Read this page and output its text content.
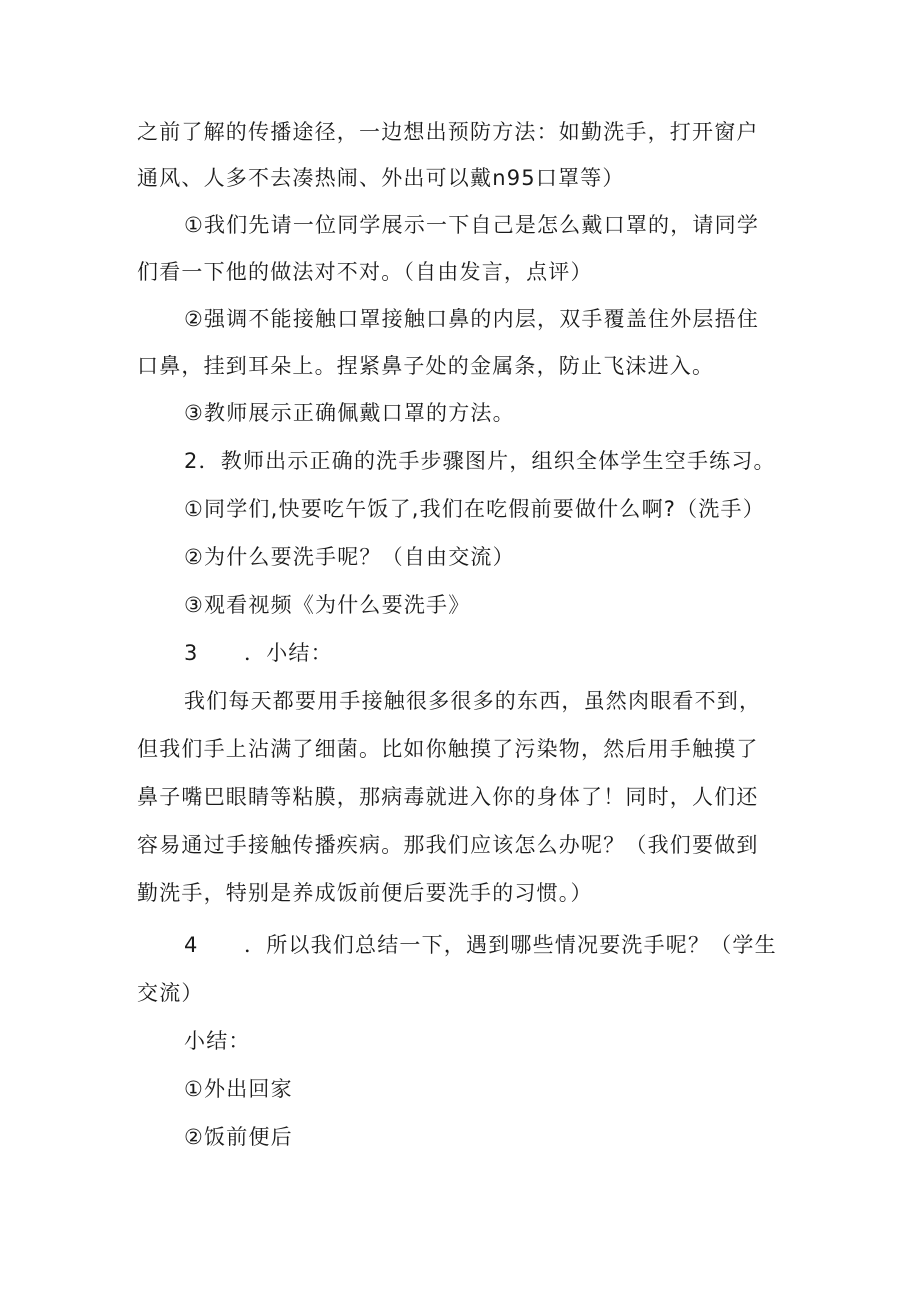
之前了解的传播途径，一边想出预防方法：如勤洗手，打开窗户
通风、人多不去凑热闹、外出可以戴n95口罩等）
①我们先请一位同学展示一下自己是怎么戴口罩的，请同学
们看一下他的做法对不对。（自由发言，点评）
②强调不能接触口罩接触口鼻的内层，双手覆盖住外层捂住
口鼻，挂到耳朵上。捏紧鼻子处的金属条，防止飞沫进入。
③教师展示正确佩戴口罩的方法。
2．教师出示正确的洗手步骤图片，组织全体学生空手练习。
①同学们,快要吃午饭了,我们在吃假前要做什么啊?（洗手）
②为什么要洗手呢？（自由交流）
③观看视频《为什么要洗手》
3 ．小结：
我们每天都要用手接触很多很多的东西，虽然肉眼看不到，
但我们手上沾满了细菌。比如你触摸了污染物，然后用手触摸了
鼻子嘴巴眼睛等粘膜，那病毒就进入你的身体了！同时，人们还
容易通过手接触传播疾病。那我们应该怎么办呢？（我们要做到
勤洗手，特别是养成饭前便后要洗手的习惯。）
4 ．所以我们总结一下，遇到哪些情况要洗手呢？（学生
交流）
小结：
①外出回家
②饭前便后
